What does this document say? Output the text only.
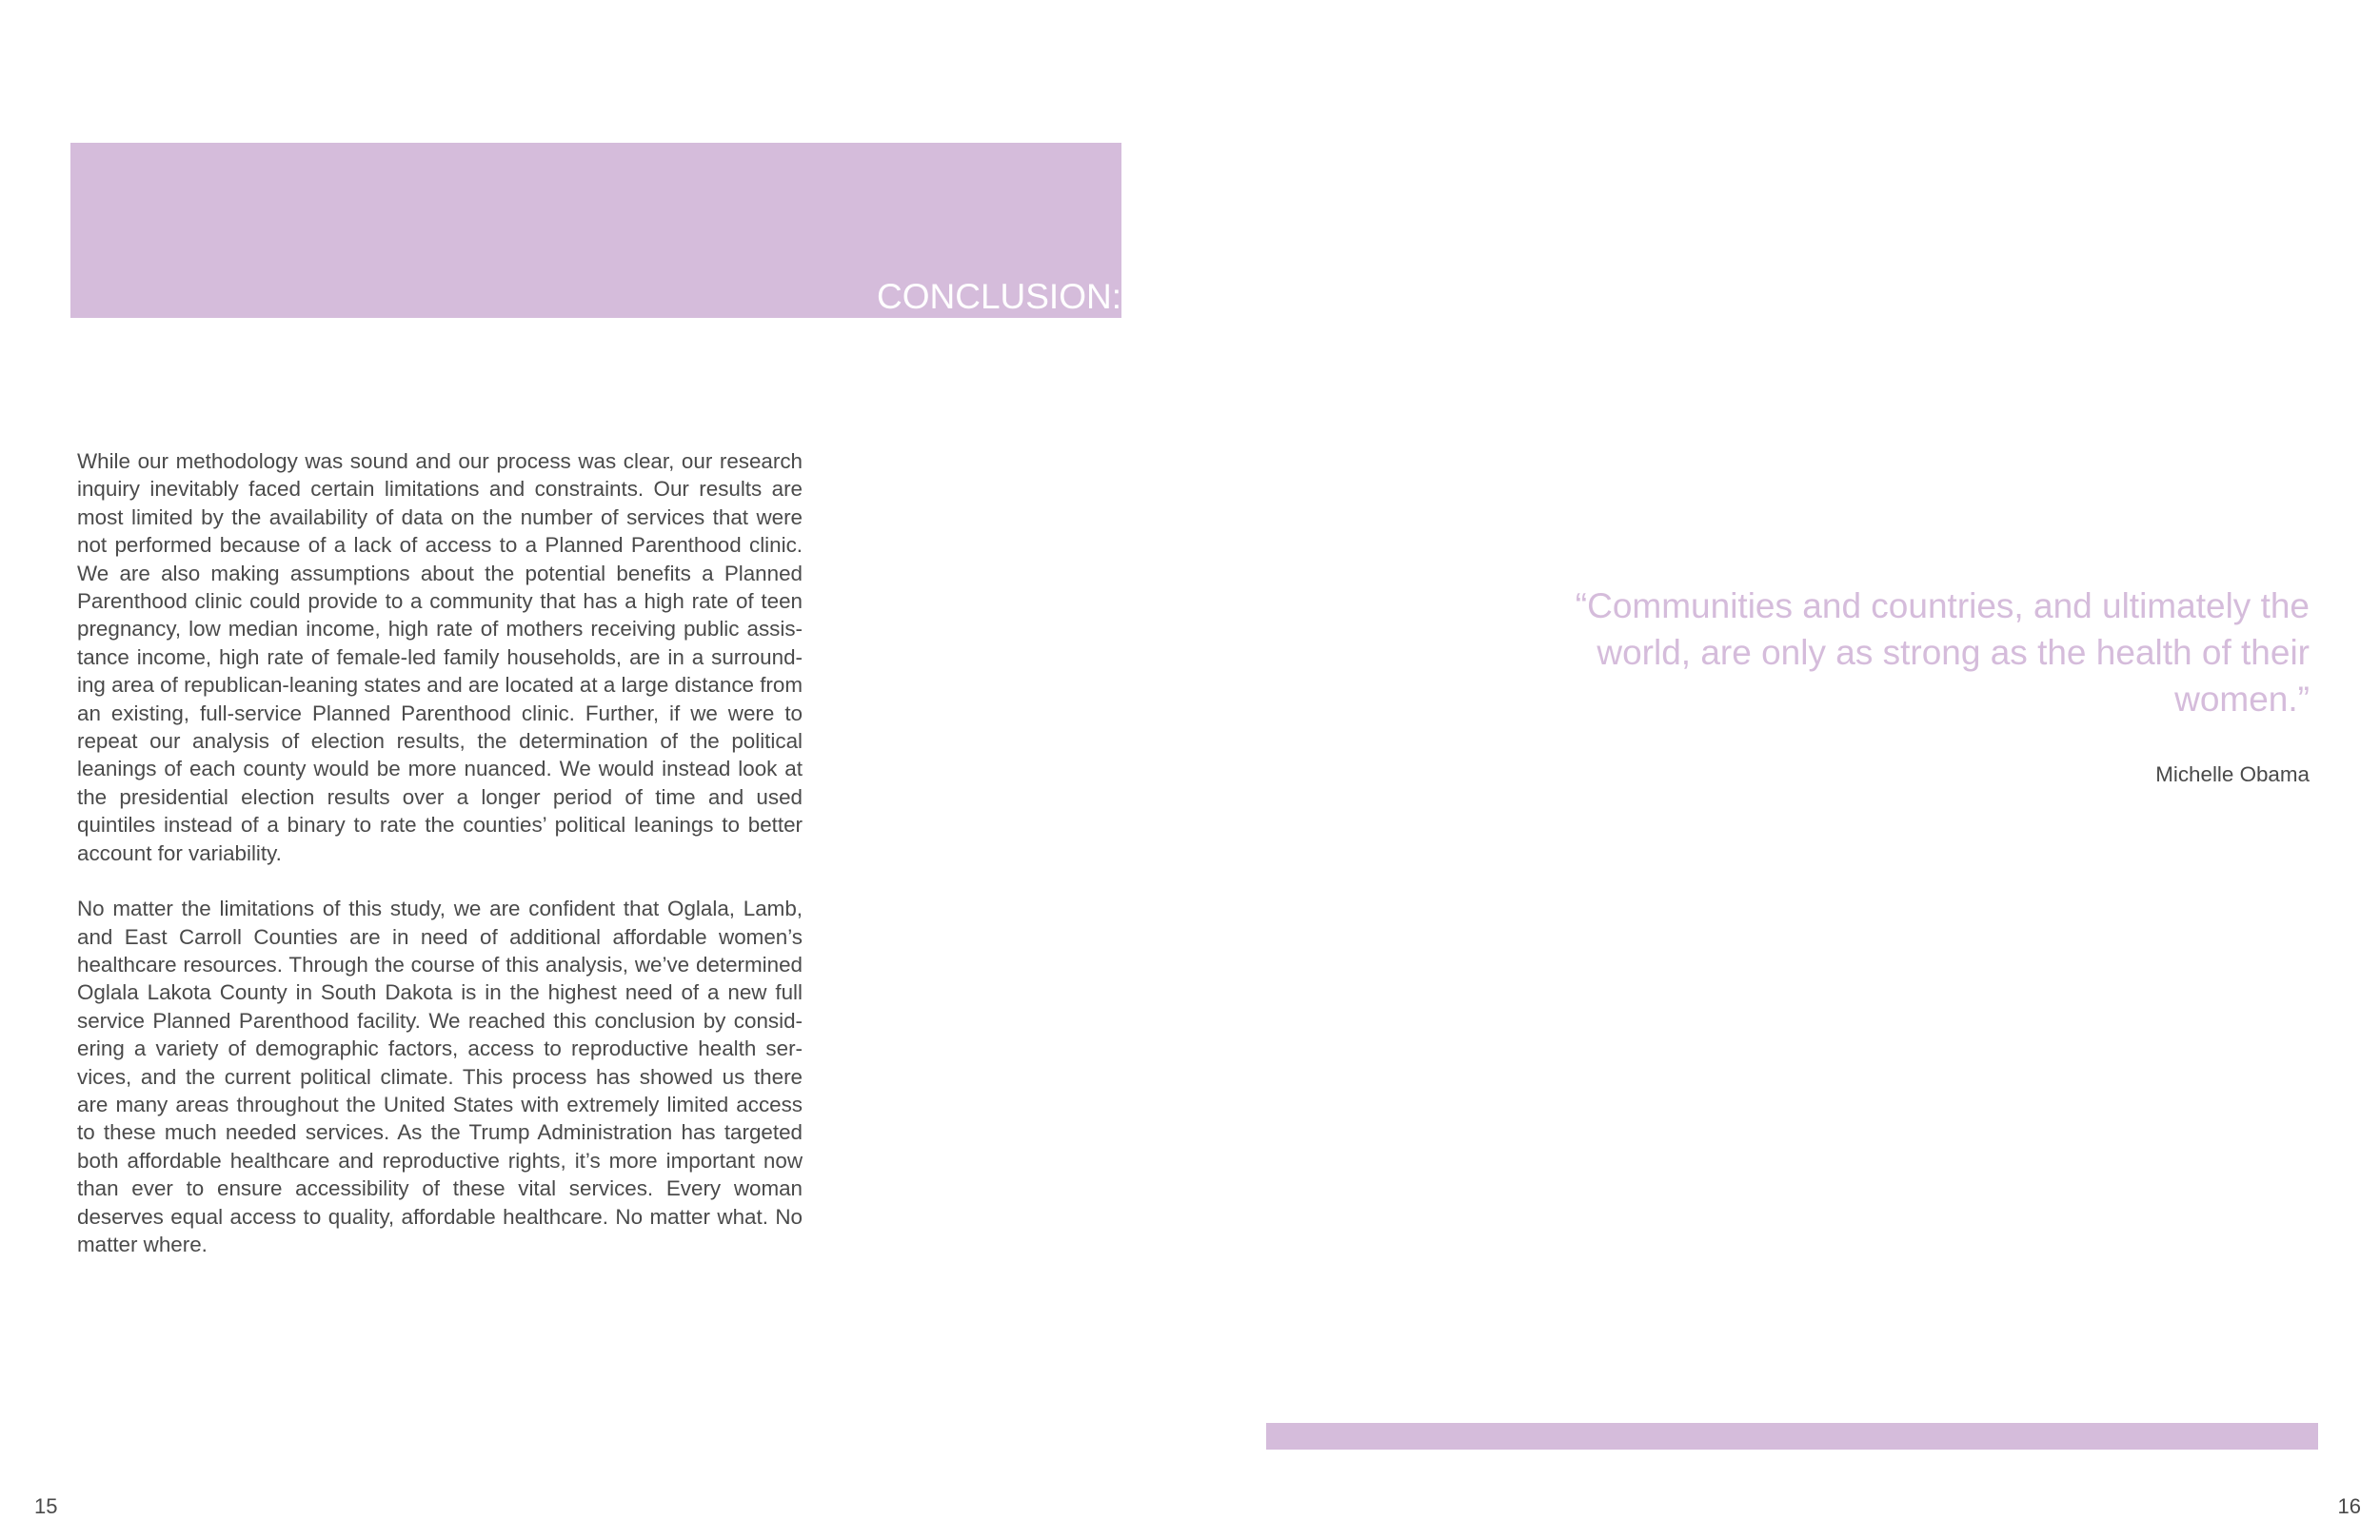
CONCLUSION:

While our methodology was sound and our process was clear, our research inquiry inevitably faced certain limitations and constraints. Our results are most limited by the availability of data on the number of services that were not performed because of a lack of access to a Planned Parenthood clinic. We are also making assumptions about the potential benefits a Planned Parenthood clinic could provide to a community that has a high rate of teen pregnancy, low median income, high rate of mothers receiving public assistance income, high rate of female-led family households, are in a surrounding area of republican-leaning states and are located at a large distance from an existing, full-service Planned Parenthood clinic. Further, if we were to repeat our analysis of election results, the determination of the political leanings of each county would be more nuanced. We would instead look at the presidential election results over a longer period of time and used quintiles instead of a binary to rate the counties’ political leanings to better account for variability.

No matter the limitations of this study, we are confident that Oglala, Lamb, and East Carroll Counties are in need of additional affordable women’s healthcare resources. Through the course of this analysis, we’ve determined Oglala Lakota County in South Dakota is in the highest need of a new full service Planned Parenthood facility. We reached this conclusion by considering a variety of demographic factors, access to reproductive health services, and the current political climate. This process has showed us there are many areas throughout the United States with extremely limited access to these much needed services. As the Trump Administration has targeted both affordable healthcare and reproductive rights, it’s more important now than ever to ensure accessibility of these vital services. Every woman deserves equal access to quality, affordable healthcare. No matter what. No matter where.

15

“Communities and countries, and ultimately the world, are only as strong as the health of their women.”

Michelle Obama

16
